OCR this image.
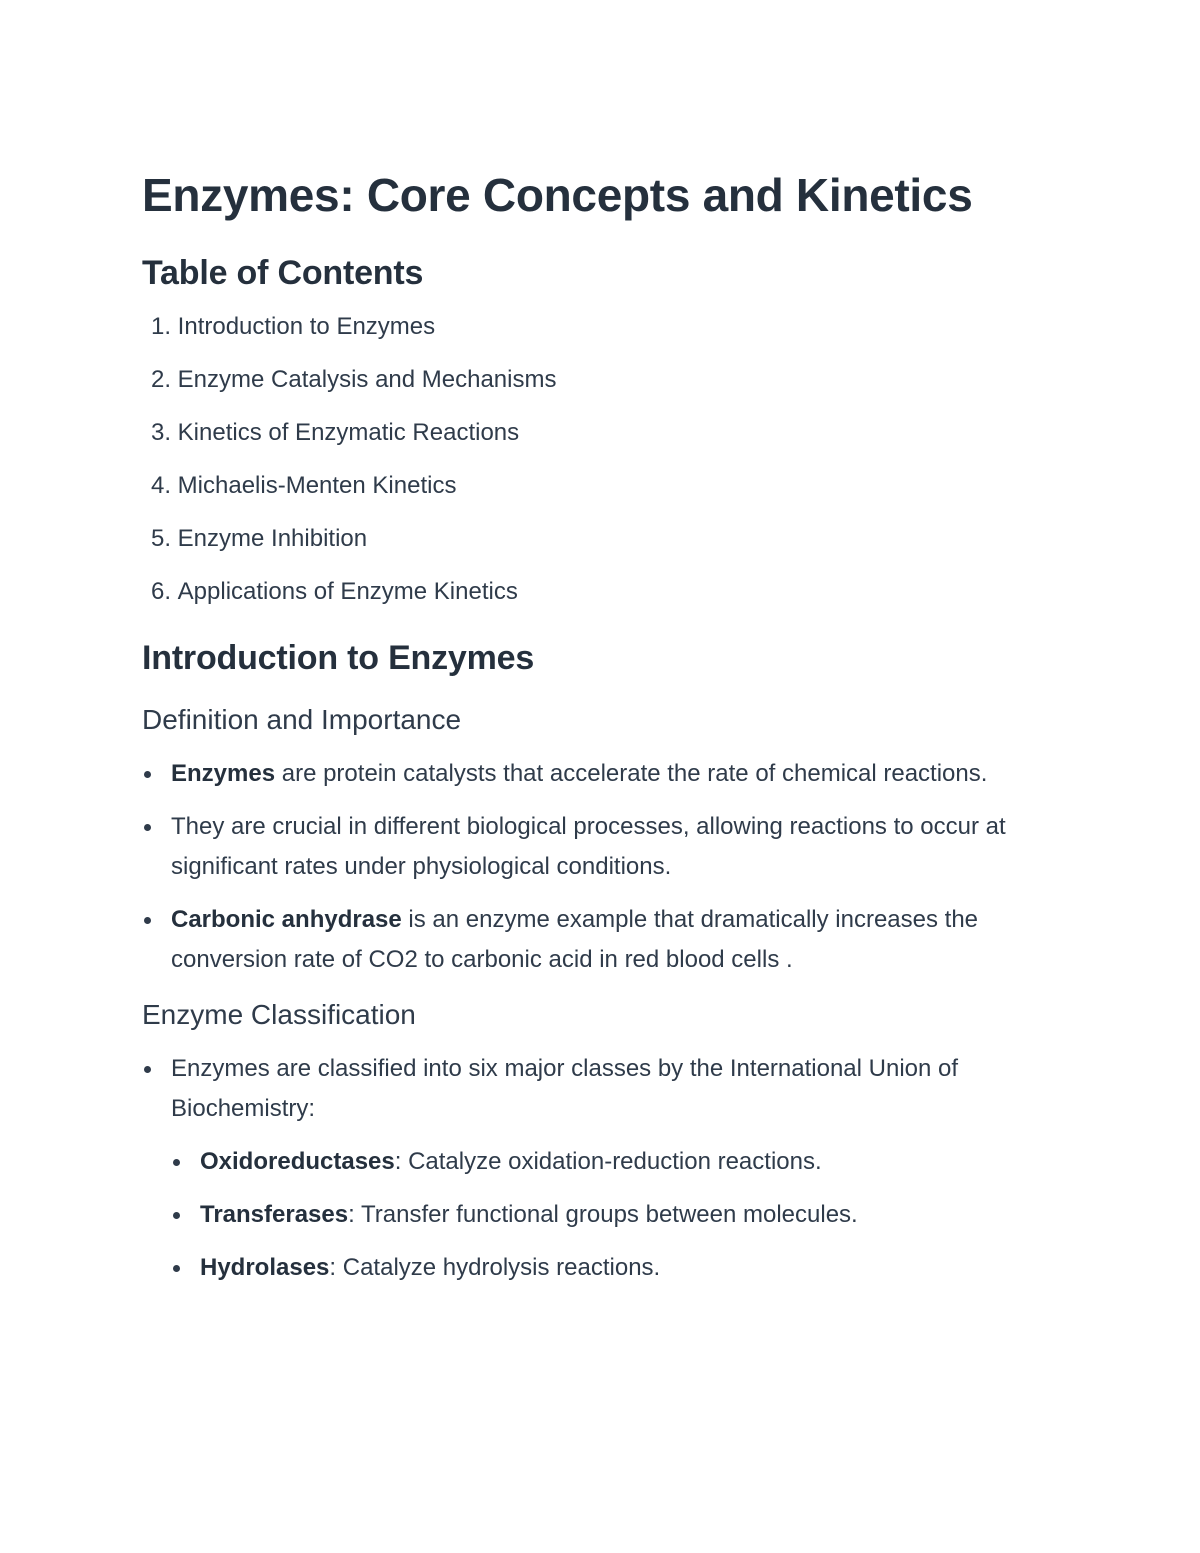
Enzymes: Core Concepts and Kinetics
Table of Contents
1.
Introduction to Enzymes
2.
Enzyme Catalysis and Mechanisms
3.
Kinetics of Enzymatic Reactions
4.
Michaelis-Menten Kinetics
5.
Enzyme Inhibition
6.
Applications of Enzyme Kinetics
Introduction to Enzymes
Definition and Importance
Enzymes are protein catalysts that accelerate the rate of chemical reactions.
They are crucial in different biological processes, allowing reactions to occur at significant rates under physiological conditions.
Carbonic anhydrase is an enzyme example that dramatically increases the conversion rate of CO2 to carbonic acid in red blood cells .
Enzyme Classification
Enzymes are classified into six major classes by the International Union of Biochemistry:
Oxidoreductases: Catalyze oxidation-reduction reactions.
Transferases: Transfer functional groups between molecules.
Hydrolases: Catalyze hydrolysis reactions.
